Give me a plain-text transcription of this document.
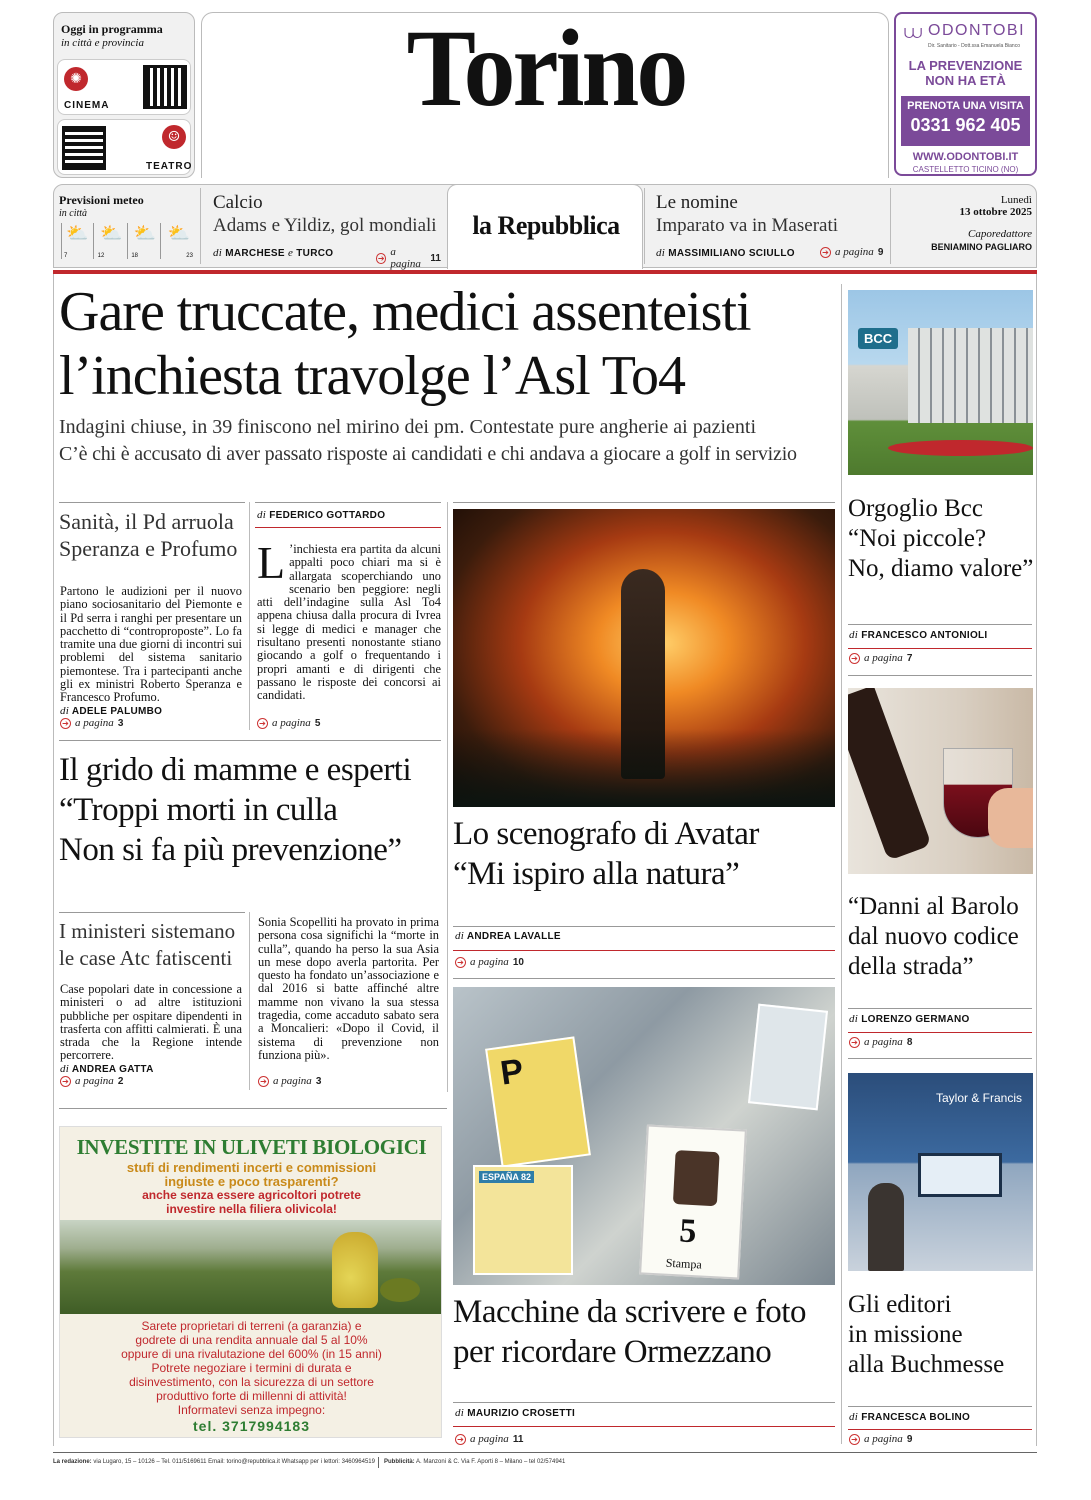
Oggi in programma
in città e provincia
✺
CINEMA
☺
TEATRO
Torino	⩊ ODONTOBI
Dir. Sanitario - Dott.ssa Emanuela Bianco
LA PREVENZIONE
NON HA ETÀ
PRENOTA UNA VISITA
0331 962 405
WWW.ODONTOBI.IT
CASTELLETTO TICINO (NO)
Previsioni meteo
in città
⛅
7
⛅
12
⛅
18
⛅
23
Calcio
Adams e Yildiz, gol mondiali
di MARCHESE e TURCO	➔ a pagina 11
la Repubblica
Le nomine
Imparato va in Maserati
di MASSIMILIANO SCIULLO	➔ a pagina 9
Lunedì
13 ottobre 2025
Caporedattore
BENIAMINO PAGLIARO
Gare truccate, medici assenteisti
l’inchiesta travolge l’Asl To4
Indagini chiuse, in 39 finiscono nel mirino dei pm. Contestate pure angherie ai pazienti
C’è chi è accusato di aver passato risposte ai candidati e chi andava a giocare a golf in servizio
Sanità, il Pd arruola
Speranza e Profumo
Partono le audizioni per il nuovo piano sociosanitario del Piemonte e il Pd serra i ranghi per presentare un pacchetto di “controproposte”. Lo fa tramite una due giorni di incontri sui problemi del sistema sanitario piemontese. Tra i partecipanti anche gli ex ministri Roberto Speranza e Francesco Profumo.
di ADELE PALUMBO
➔ a pagina 3
di FEDERICO GOTTARDO
L ’inchiesta era partita da alcuni appalti poco chiari ma si è allargata scoperchiando uno scenario ben peggiore: negli atti dell’indagine sulla Asl To4 appena chiusa dalla procura di Ivrea si legge di medici e manager che risultano presenti nonostante stiano giocando a golf o frequentando i propri amanti e di dirigenti che passano le risposte dei concorsi ai candidati.
➔ a pagina 5
Il grido di mamme e esperti
“Troppi morti in culla
Non si fa più prevenzione”
I ministeri sistemano
le case Atc fatiscenti
Case popolari date in concessione a ministeri o ad altre istituzioni pubbliche per ospitare dipendenti in trasferta con affitti calmierati. È una strada che la Regione intende percorrere.
di ANDREA GATTA
➔ a pagina 2
Sonia Scopelliti ha provato in prima persona cosa significhi la “morte in culla”, quando ha perso la sua Asia un mese dopo averla partorita. Per questo ha fondato un’associazione e dal 2016 si batte affinché altre mamme non vivano la sua stessa tragedia, come accaduto sabato sera a Moncalieri: «Dopo il Covid, il sistema di prevenzione non funziona più».
➔ a pagina 3
INVESTITE IN ULIVETI BIOLOGICI
stufi di rendimenti incerti e commissioni
ingiuste e poco trasparenti?
anche senza essere agricoltori potrete
investire nella filiera olivicola!
Sarete proprietari di terreni (a garanzia) e
godrete di una rendita annuale dal 5 al 10%
oppure di una rivalutazione del 600% (in 15 anni)
Potrete negoziare i termini di durata e
disinvestimento, con la sicurezza di un settore
produttivo forte di millenni di attività!
Informatevi senza impegno:
tel. 3717994183
Lo scenografo di Avatar
“Mi ispiro alla natura”
di ANDREA LAVALLE
➔ a pagina 10
P
ESPAÑA 82
5
Stampa
Macchine da scrivere e foto
per ricordare Ormezzano
di MAURIZIO CROSETTI
➔ a pagina 11
BCC
Orgoglio Bcc
“Noi piccole?
No, diamo valore”
di FRANCESCO ANTONIOLI
➔ a pagina 7
“Danni al Barolo
dal nuovo codice
della strada”
di LORENZO GERMANO
➔ a pagina 8
Taylor & Francis
Gli editori
in missione
alla Buchmesse
di FRANCESCA BOLINO
➔ a pagina 9
La redazione: via Lugaro, 15 – 10126 – Tel. 011/5169611 Email: torino@repubblica.it Whatsapp per i lettori: 3460964519 Pubblicità: A. Manzoni & C. Via F. Aporti 8 – Milano – tel 02/574941
